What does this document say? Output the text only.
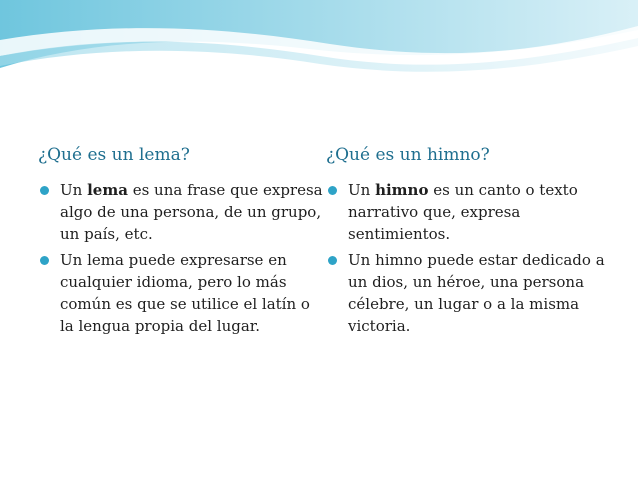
¿Qué es un lema?
Un lema es una frase que expresa algo de una persona, de un grupo, un país, etc.
Un lema puede expresarse en cualquier idioma, pero lo más común es que se utilice el latín o la lengua propia del lugar.
¿Qué es un himno?
Un himno es un canto o texto narrativo que, expresa sentimientos.
Un himno puede estar dedicado a un dios, un héroe, una persona célebre, un lugar o a la misma victoria.
